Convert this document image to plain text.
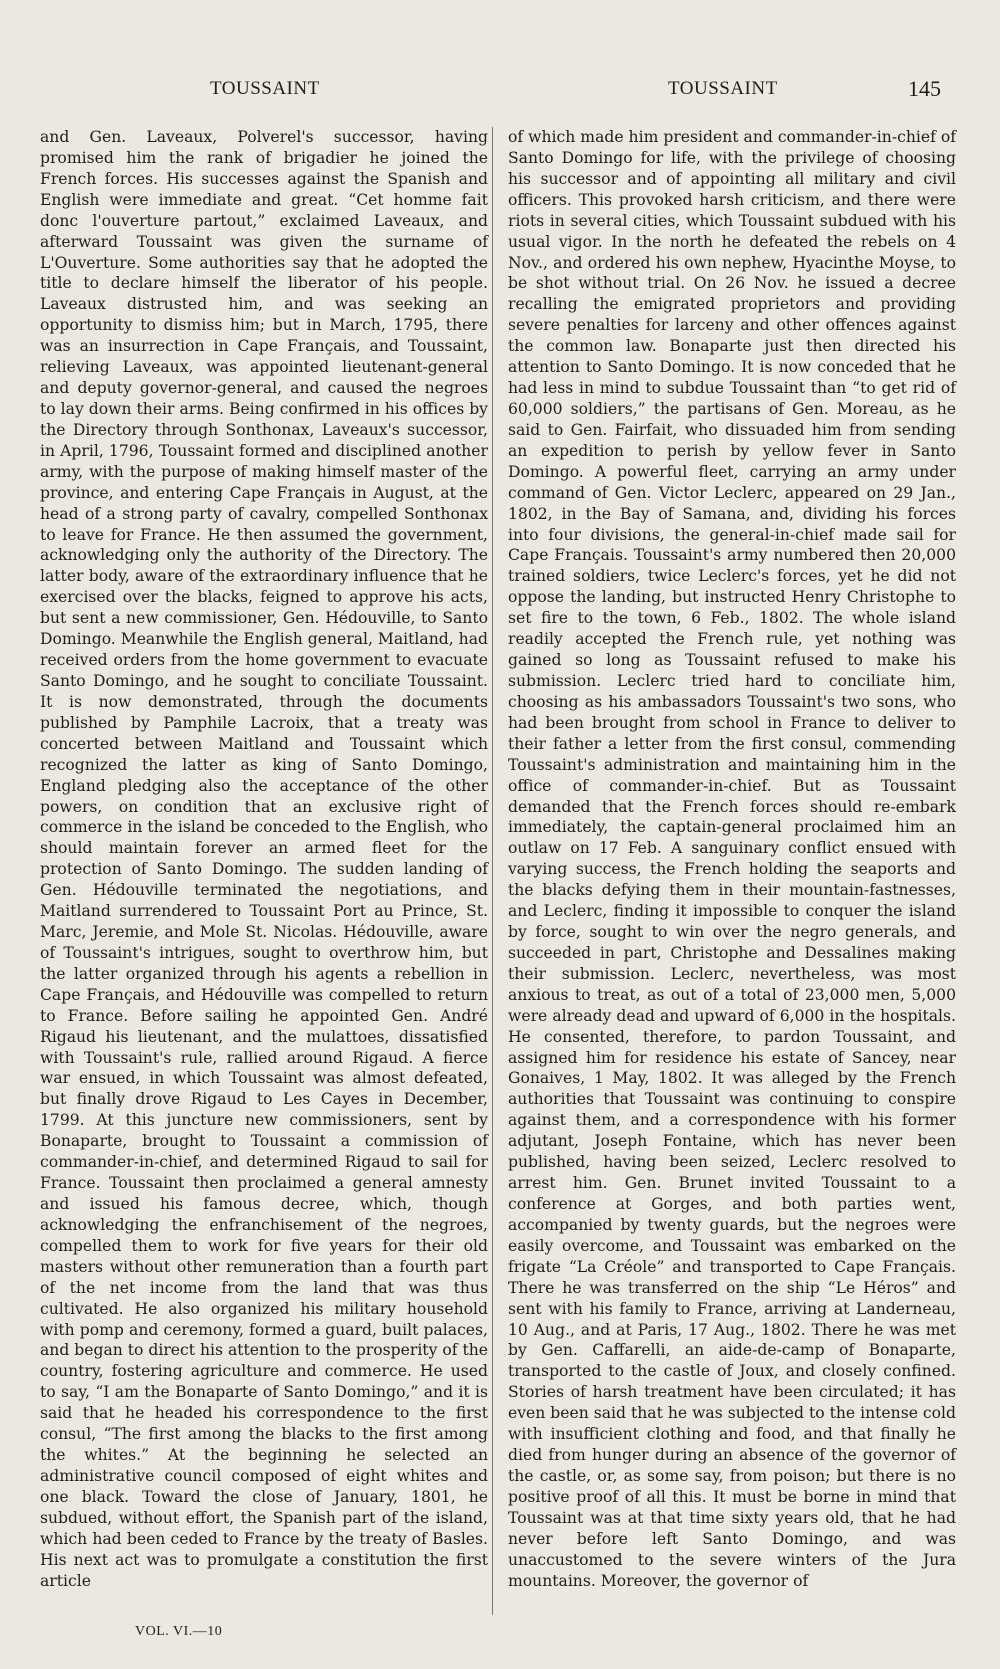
TOUSSAINT	TOUSSAINT	145

and Gen. Laveaux, Polverel's successor, having promised him the rank of brigadier he joined the French forces. His successes against the Spanish and English were immediate and great. “Cet homme fait donc l'ouverture partout,” exclaimed Laveaux, and afterward Toussaint was given the surname of L'Ouverture. Some authorities say that he adopted the title to declare himself the liberator of his people. Laveaux distrusted him, and was seeking an opportunity to dismiss him; but in March, 1795, there was an insurrection in Cape Français, and Toussaint, relieving Laveaux, was appointed lieutenant-general and deputy governor-general, and caused the negroes to lay down their arms. Being confirmed in his offices by the Directory through Sonthonax, Laveaux's successor, in April, 1796, Toussaint formed and disciplined another army, with the purpose of making himself master of the province, and entering Cape Français in August, at the head of a strong party of cavalry, compelled Sonthonax to leave for France. He then assumed the government, acknowledging only the authority of the Directory. The latter body, aware of the extraordinary influence that he exercised over the blacks, feigned to approve his acts, but sent a new commissioner, Gen. Hédouville, to Santo Domingo. Meanwhile the English general, Maitland, had received orders from the home government to evacuate Santo Domingo, and he sought to conciliate Toussaint. It is now demonstrated, through the documents published by Pamphile Lacroix, that a treaty was concerted between Maitland and Toussaint which recognized the latter as king of Santo Domingo, England pledging also the acceptance of the other powers, on condition that an exclusive right of commerce in the island be conceded to the English, who should maintain forever an armed fleet for the protection of Santo Domingo. The sudden landing of Gen. Hédouville terminated the negotiations, and Maitland surrendered to Toussaint Port au Prince, St. Marc, Jeremie, and Mole St. Nicolas. Hédouville, aware of Toussaint's intrigues, sought to overthrow him, but the latter organized through his agents a rebellion in Cape Français, and Hédouville was compelled to return to France. Before sailing he appointed Gen. André Rigaud his lieutenant, and the mulattoes, dissatisfied with Toussaint's rule, rallied around Rigaud. A fierce war ensued, in which Toussaint was almost defeated, but finally drove Rigaud to Les Cayes in December, 1799. At this juncture new commissioners, sent by Bonaparte, brought to Toussaint a commission of commander-in-chief, and determined Rigaud to sail for France. Toussaint then proclaimed a general amnesty and issued his famous decree, which, though acknowledging the enfranchisement of the negroes, compelled them to work for five years for their old masters without other remuneration than a fourth part of the net income from the land that was thus cultivated. He also organized his military household with pomp and ceremony, formed a guard, built palaces, and began to direct his attention to the prosperity of the country, fostering agriculture and commerce. He used to say, “I am the Bonaparte of Santo Domingo,” and it is said that he headed his correspondence to the first consul, “The first among the blacks to the first among the whites.” At the beginning he selected an administrative council composed of eight whites and one black. Toward the close of January, 1801, he subdued, without effort, the Spanish part of the island, which had been ceded to France by the treaty of Basles. His next act was to promulgate a constitution the first article

of which made him president and commander-in-chief of Santo Domingo for life, with the privilege of choosing his successor and of appointing all military and civil officers. This provoked harsh criticism, and there were riots in several cities, which Toussaint subdued with his usual vigor. In the north he defeated the rebels on 4 Nov., and ordered his own nephew, Hyacinthe Moyse, to be shot without trial. On 26 Nov. he issued a decree recalling the emigrated proprietors and providing severe penalties for larceny and other offences against the common law. Bonaparte just then directed his attention to Santo Domingo. It is now conceded that he had less in mind to subdue Toussaint than “to get rid of 60,000 soldiers,” the partisans of Gen. Moreau, as he said to Gen. Fairfait, who dissuaded him from sending an expedition to perish by yellow fever in Santo Domingo. A powerful fleet, carrying an army under command of Gen. Victor Leclerc, appeared on 29 Jan., 1802, in the Bay of Samana, and, dividing his forces into four divisions, the general-in-chief made sail for Cape Français. Toussaint's army numbered then 20,000 trained soldiers, twice Leclerc's forces, yet he did not oppose the landing, but instructed Henry Christophe to set fire to the town, 6 Feb., 1802. The whole island readily accepted the French rule, yet nothing was gained so long as Toussaint refused to make his submission. Leclerc tried hard to conciliate him, choosing as his ambassadors Toussaint's two sons, who had been brought from school in France to deliver to their father a letter from the first consul, commending Toussaint's administration and maintaining him in the office of commander-in-chief. But as Toussaint demanded that the French forces should re-embark immediately, the captain-general proclaimed him an outlaw on 17 Feb. A sanguinary conflict ensued with varying success, the French holding the seaports and the blacks defying them in their mountain-fastnesses, and Leclerc, finding it impossible to conquer the island by force, sought to win over the negro generals, and succeeded in part, Christophe and Dessalines making their submission. Leclerc, nevertheless, was most anxious to treat, as out of a total of 23,000 men, 5,000 were already dead and upward of 6,000 in the hospitals. He consented, therefore, to pardon Toussaint, and assigned him for residence his estate of Sancey, near Gonaives, 1 May, 1802. It was alleged by the French authorities that Toussaint was continuing to conspire against them, and a correspondence with his former adjutant, Joseph Fontaine, which has never been published, having been seized, Leclerc resolved to arrest him. Gen. Brunet invited Toussaint to a conference at Gorges, and both parties went, accompanied by twenty guards, but the negroes were easily overcome, and Toussaint was embarked on the frigate “La Créole” and transported to Cape Français. There he was transferred on the ship “Le Héros” and sent with his family to France, arriving at Landerneau, 10 Aug., and at Paris, 17 Aug., 1802. There he was met by Gen. Caffarelli, an aide-de-camp of Bonaparte, transported to the castle of Joux, and closely confined. Stories of harsh treatment have been circulated; it has even been said that he was subjected to the intense cold with insufficient clothing and food, and that finally he died from hunger during an absence of the governor of the castle, or, as some say, from poison; but there is no positive proof of all this. It must be borne in mind that Toussaint was at that time sixty years old, that he had never before left Santo Domingo, and was unaccustomed to the severe winters of the Jura mountains. Moreover, the governor of

VOL. VI.—10
